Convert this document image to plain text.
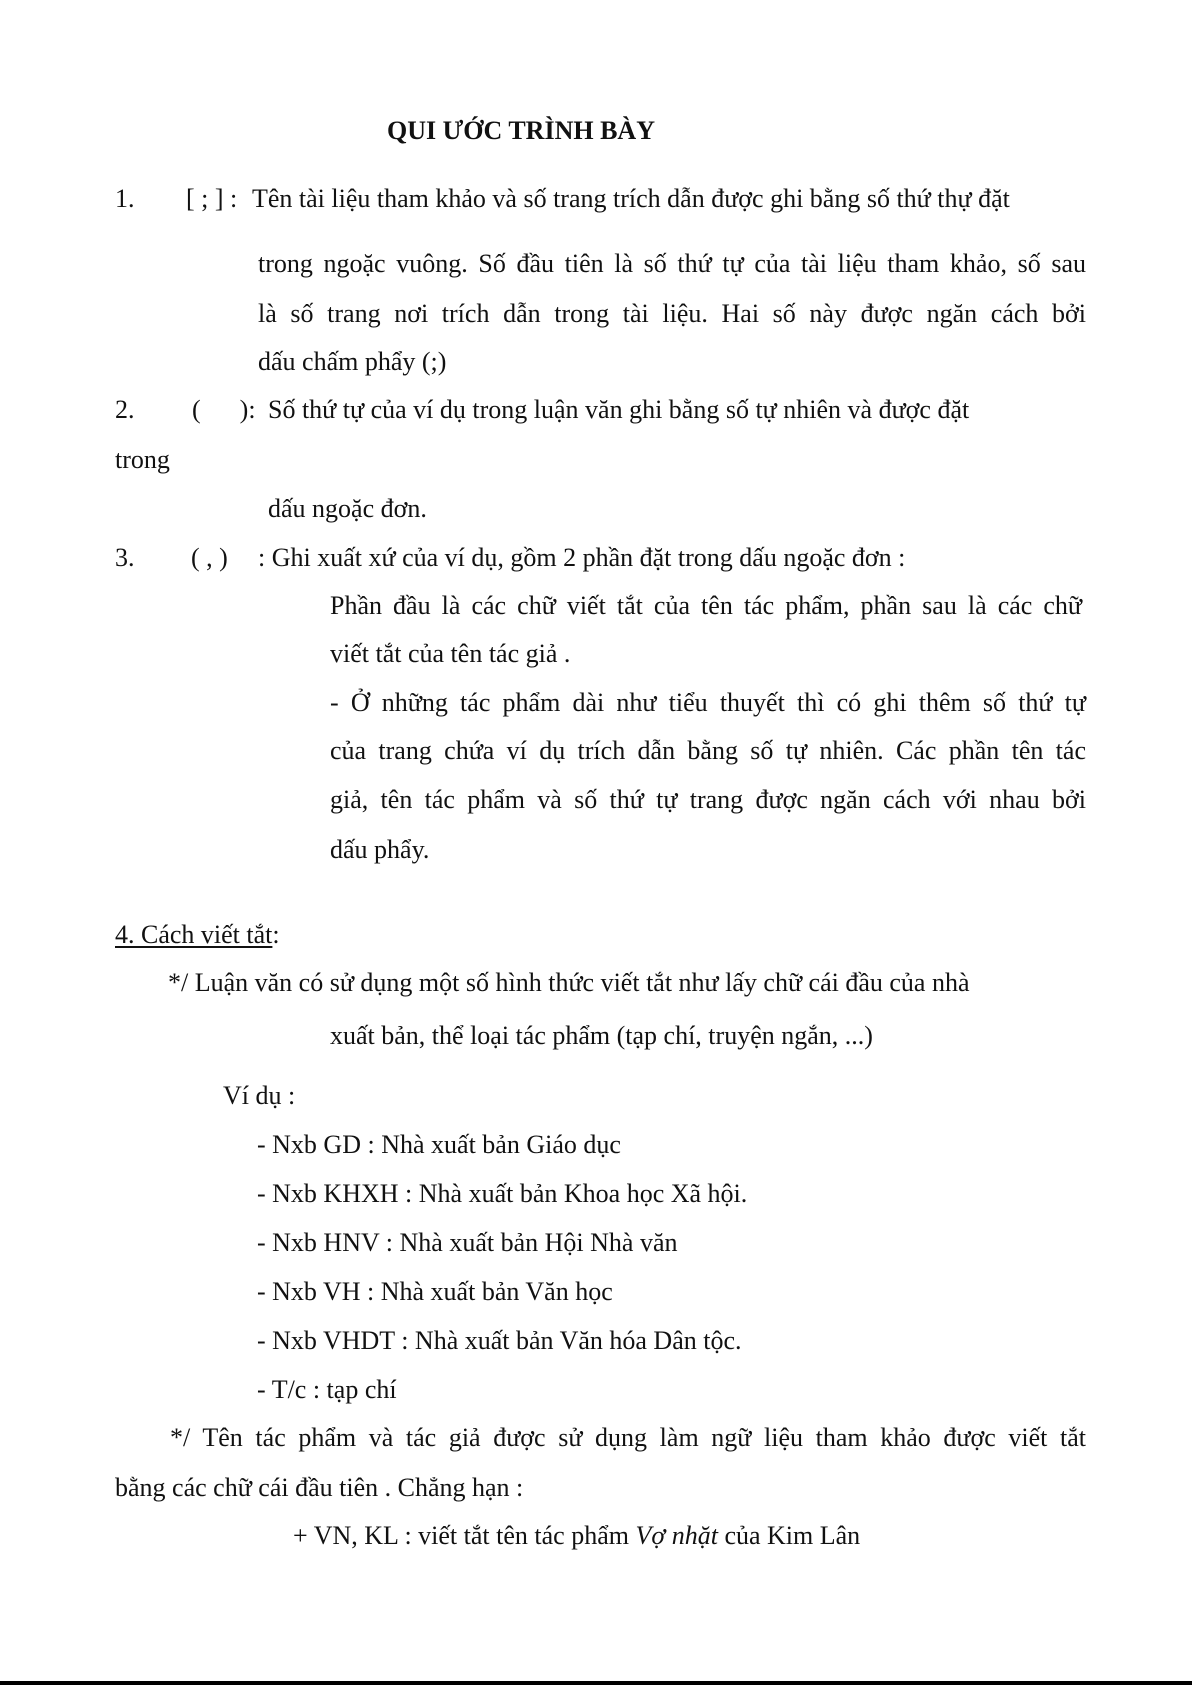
QUI ƯỚC TRÌNH BÀY
1. [ ; ] : Tên tài liệu tham khảo và số trang trích dẫn được ghi bằng số thứ thự đặt
trong ngoặc vuông. Số đầu tiên là số thứ tự của tài liệu tham khảo, số sau
là số trang nơi trích dẫn trong tài liệu. Hai số này được ngăn cách bởi
dấu chấm phẩy (;)
2. (      ): Số thứ tự của ví dụ trong luận văn ghi bằng số tự nhiên và được đặt
trong
dấu ngoặc đơn.
3. ( , ) : Ghi xuất xứ của ví dụ, gồm 2 phần đặt trong dấu ngoặc đơn :
Phần đầu là các chữ viết tắt của tên tác phẩm, phần sau là các chữ
viết tắt của tên tác giả .
- Ở những tác phẩm dài như tiểu thuyết thì có ghi thêm số thứ tự
của trang chứa ví dụ trích dẫn bằng số tự nhiên. Các phần tên tác
giả, tên tác phẩm và số thứ tự trang được ngăn cách với nhau bởi
dấu phẩy.
4. Cách viết tắt:
*/ Luận văn có sử dụng một số hình thức viết tắt như lấy chữ cái đầu của nhà
xuất bản, thể loại tác phẩm (tạp chí, truyện ngắn, ...)
Ví dụ :
- Nxb GD : Nhà xuất bản Giáo dục
- Nxb KHXH : Nhà xuất bản Khoa học Xã hội.
- Nxb HNV : Nhà xuất bản Hội Nhà văn
- Nxb VH : Nhà xuất bản Văn học
- Nxb VHDT : Nhà xuất bản Văn hóa Dân tộc.
- T/c : tạp chí
*/ Tên tác phẩm và tác giả được sử dụng làm ngữ liệu tham khảo được viết tắt
bằng các chữ cái đầu tiên . Chẳng hạn :
+ VN, KL : viết tắt tên tác phẩm Vợ nhặt của Kim Lân
